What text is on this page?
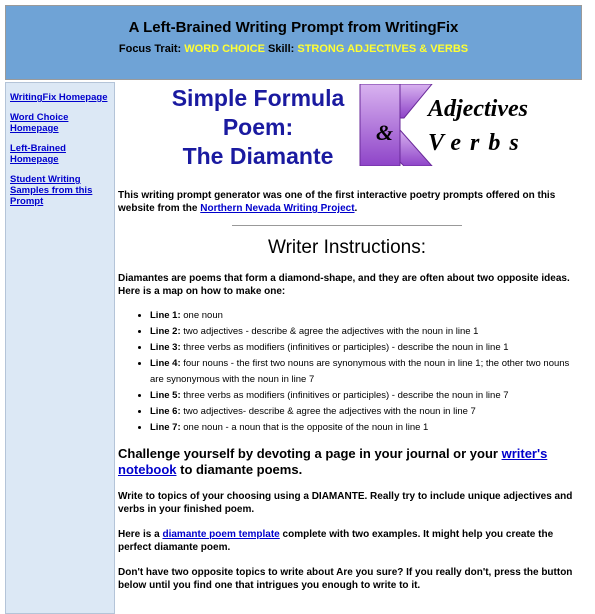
A Left-Brained Writing Prompt from WritingFix
Focus Trait: WORD CHOICE Skill: STRONG ADJECTIVES & VERBS
WritingFix Homepage
Word Choice Homepage
Left-Brained Homepage
Student Writing Samples from this Prompt
Simple Formula
Poem:
The Diamante
Adjectives
& Verbs
This writing prompt generator was one of the first interactive poetry prompts offered on this website from the Northern Nevada Writing Project.
Writer Instructions:
Diamantes are poems that form a diamond-shape, and they are often about two opposite ideas. Here is a map on how to make one:
• Line 1: one noun
• Line 2: two adjectives - describe & agree the adjectives with the noun in line 1
• Line 3: three verbs as modifiers (infinitives or participles) - describe the noun in line 1
• Line 4: four nouns - the first two nouns are synonymous with the noun in line 1; the other two nouns are synonymous with the noun in line 7
• Line 5: three verbs as modifiers (infinitives or participles) - describe the noun in line 7
• Line 6: two adjectives- describe & agree the adjectives with the noun in line 7
• Line 7: one noun - a noun that is the opposite of the noun in line 1
Challenge yourself by devoting a page in your journal or your writer's notebook to diamante poems.
Write to topics of your choosing using a DIAMANTE. Really try to include unique adjectives and verbs in your finished poem.
Here is a diamante poem template complete with two examples. It might help you create the perfect diamante poem.
Don't have two opposite topics to write about Are you sure? If you really don't, press the button below until you find one that intrigues you enough to write to it.
